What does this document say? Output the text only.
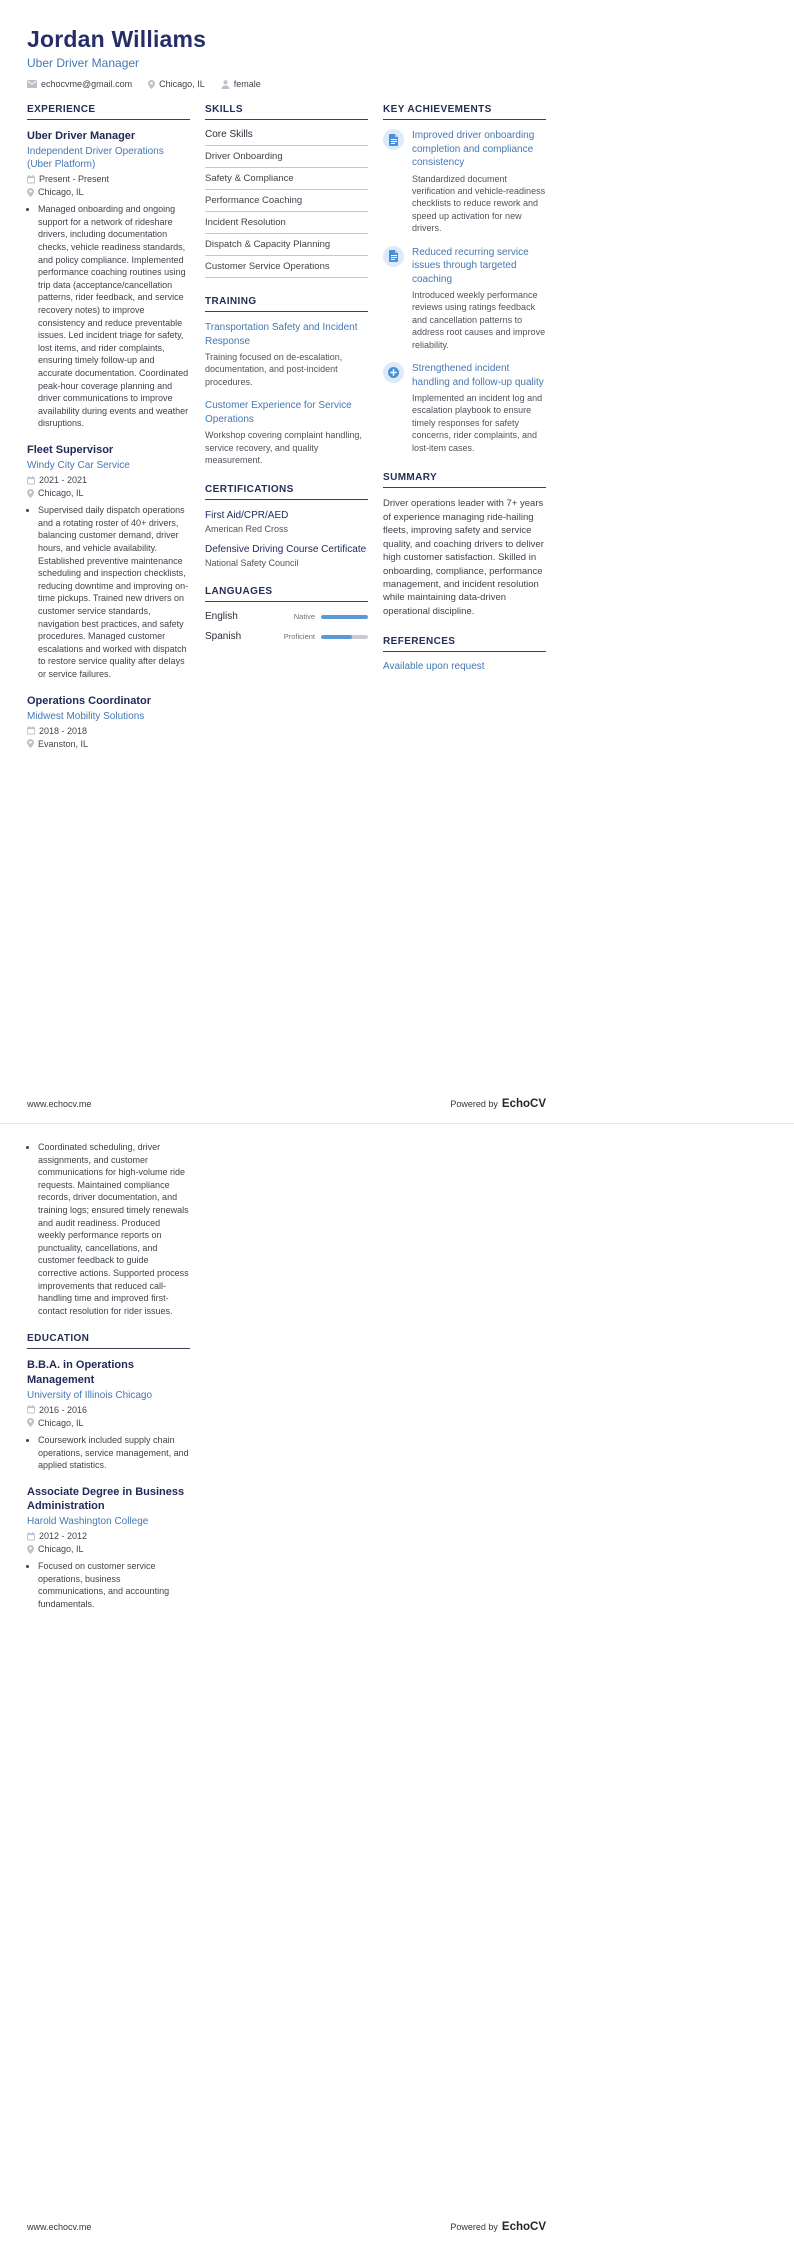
Jordan Williams
Uber Driver Manager
echocvme@gmail.com	Chicago, IL	female
EXPERIENCE
Uber Driver Manager
Independent Driver Operations (Uber Platform)
Present - Present
Chicago, IL
• Managed onboarding and ongoing support for a network of rideshare drivers, including documentation checks, vehicle readiness standards, and policy compliance. Implemented performance coaching routines using trip data (acceptance/cancellation patterns, rider feedback, and service recovery notes) to improve consistency and reduce preventable issues. Led incident triage for safety, lost items, and rider complaints, ensuring timely follow-up and accurate documentation. Coordinated peak-hour coverage planning and driver communications to improve availability during events and weather disruptions.
Fleet Supervisor
Windy City Car Service
2021 - 2021
Chicago, IL
• Supervised daily dispatch operations and a rotating roster of 40+ drivers, balancing customer demand, driver hours, and vehicle availability. Established preventive maintenance scheduling and inspection checklists, reducing downtime and improving on-time pickups. Trained new drivers on customer service standards, navigation best practices, and safety procedures. Managed customer escalations and worked with dispatch to restore service quality after delays or service failures.
Operations Coordinator
Midwest Mobility Solutions
2018 - 2018
Evanston, IL
SKILLS
Core Skills
Driver Onboarding
Safety & Compliance
Performance Coaching
Incident Resolution
Dispatch & Capacity Planning
Customer Service Operations
TRAINING
Transportation Safety and Incident Response
Training focused on de-escalation, documentation, and post-incident procedures.
Customer Experience for Service Operations
Workshop covering complaint handling, service recovery, and quality measurement.
CERTIFICATIONS
First Aid/CPR/AED
American Red Cross
Defensive Driving Course Certificate
National Safety Council
LANGUAGES
English	Native
Spanish	Proficient
KEY ACHIEVEMENTS
Improved driver onboarding completion and compliance consistency
Standardized document verification and vehicle-readiness checklists to reduce rework and speed up activation for new drivers.
Reduced recurring service issues through targeted coaching
Introduced weekly performance reviews using ratings feedback and cancellation patterns to address root causes and improve reliability.
Strengthened incident handling and follow-up quality
Implemented an incident log and escalation playbook to ensure timely responses for safety concerns, rider complaints, and lost-item cases.
SUMMARY

Driver operations leader with 7+ years of experience managing ride-hailing fleets, improving safety and service quality, and coaching drivers to deliver high customer satisfaction. Skilled in onboarding, compliance, performance management, and incident resolution while maintaining data-driven operational discipline.

REFERENCES
Available upon request
www.echocv.me	Powered by EchoCV
• Coordinated scheduling, driver assignments, and customer communications for high-volume ride requests. Maintained compliance records, driver documentation, and training logs; ensured timely renewals and audit readiness. Produced weekly performance reports on punctuality, cancellations, and customer feedback to guide corrective actions. Supported process improvements that reduced call-handling time and improved first-contact resolution for rider issues.
EDUCATION
B.B.A. in Operations Management
University of Illinois Chicago
2016 - 2016
Chicago, IL
• Coursework included supply chain operations, service management, and applied statistics.
Associate Degree in Business Administration
Harold Washington College
2012 - 2012
Chicago, IL
• Focused on customer service operations, business communications, and accounting fundamentals.
www.echocv.me	Powered by EchoCV
